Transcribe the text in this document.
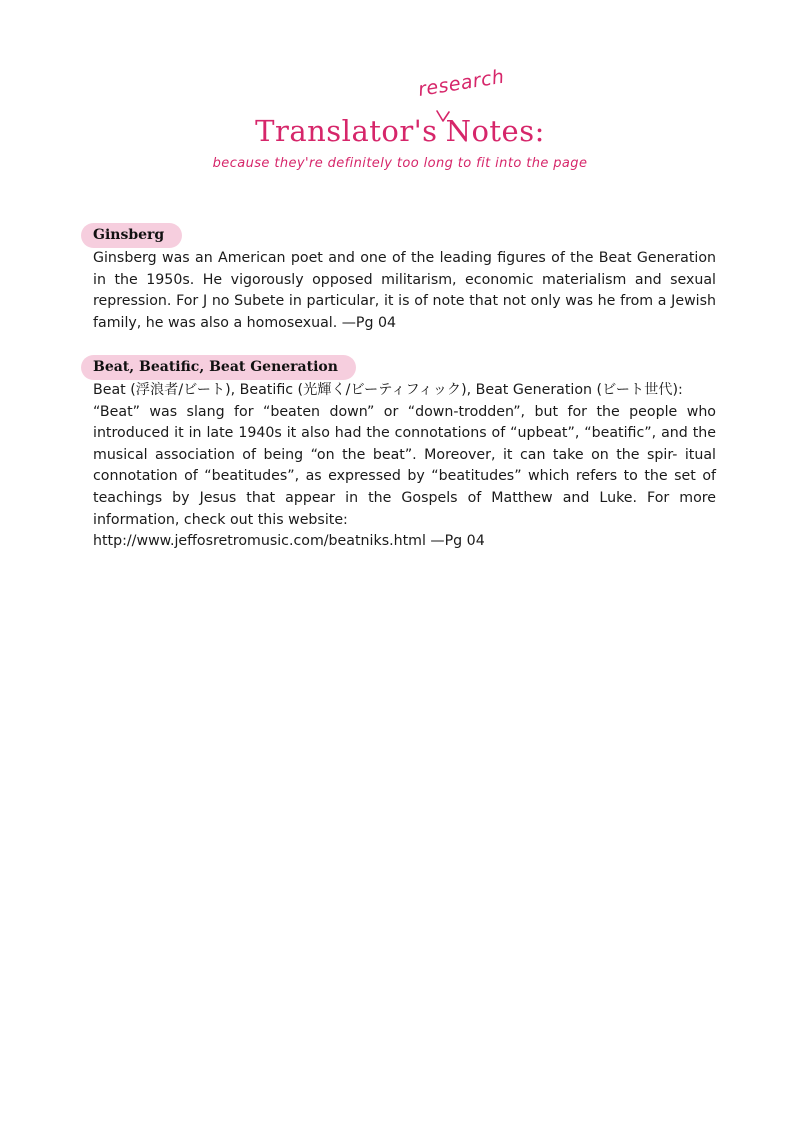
research
Translator's Notes:
because they're definitely too long to fit into the page
Ginsberg

Ginsberg was an American poet and one of the leading figures of the Beat Generation in the 1950s. He vigorously opposed militarism, economic materialism and sexual repression. For J no Subete in particular, it is of note that not only was he from a Jewish family, he was also a homosexual. —Pg 04

Beat, Beatific, Beat Generation

Beat (浮浪者/ビート), Beatific (光輝く/ビーティフィック), Beat Generation (ビート世代):

“Beat” was slang for “beaten down” or “down-trodden”, but for the people who introduced it in late 1940s it also had the connotations of “upbeat”, “beatific”, and the musical association of being “on the beat”. Moreover, it can take on the spir- itual connotation of “beatitudes”, as expressed by “beatitudes” which refers to the set of teachings by Jesus that appear in the Gospels of Matthew and Luke. For more information, check out this website:

http://www.jeffosretromusic.com/beatniks.html —Pg 04
